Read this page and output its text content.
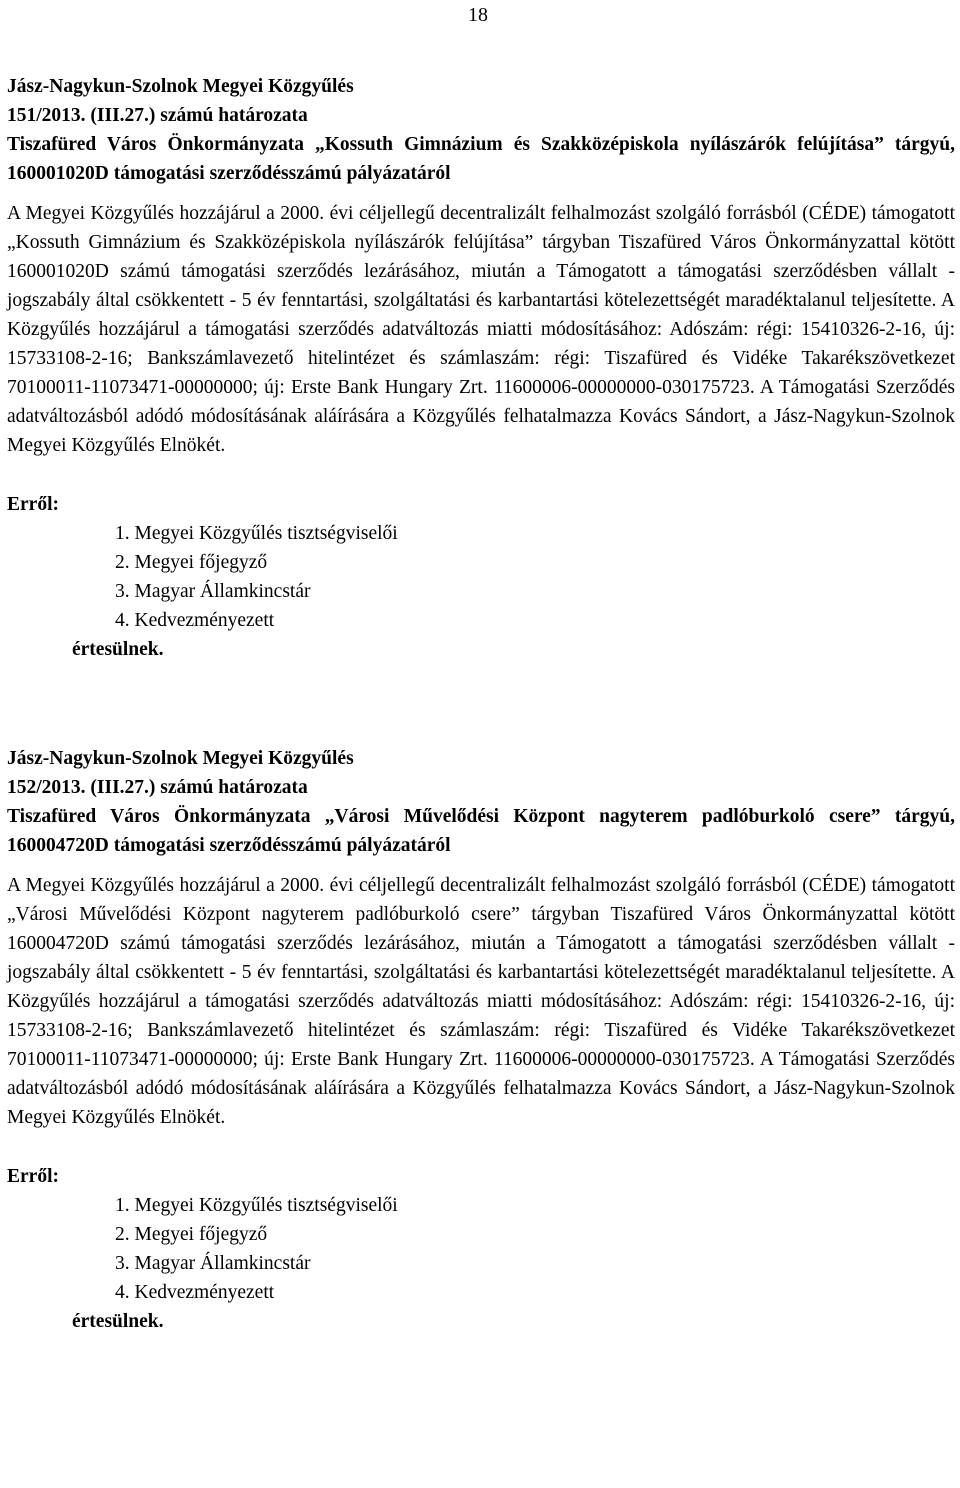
18

Jász-Nagykun-Szolnok Megyei Közgyűlés

151/2013. (III.27.) számú határozata

Tiszafüred Város Önkormányzata „Kossuth Gimnázium és Szakközépiskola nyílászárók felújítása” tárgyú, 160001020D támogatási szerződésszámú pályázatáról

A Megyei Közgyűlés hozzájárul a 2000. évi céljellegű decentralizált felhalmozást szolgáló forrásból (CÉDE) támogatott „Kossuth Gimnázium és Szakközépiskola nyílászárók felújítása” tárgyban Tiszafüred Város Önkormányzattal kötött 160001020D számú támogatási szerződés lezárásához, miután a Támogatott a támogatási szerződésben vállalt - jogszabály által csökkentett - 5 év fenntartási, szolgáltatási és karbantartási kötelezettségét maradéktalanul teljesítette. A Közgyűlés hozzájárul a támogatási szerződés adatváltozás miatti módosításához: Adószám: régi: 15410326-2-16, új: 15733108-2-16; Bankszámlavezető hitelintézet és számlaszám: régi: Tiszafüred és Vidéke Takarékszövetkezet 70100011-11073471-00000000; új: Erste Bank Hungary Zrt. 11600006-00000000-030175723. A Támogatási Szerződés adatváltozásból adódó módosításának aláírására a Közgyűlés felhatalmazza Kovács Sándort, a Jász-Nagykun-Szolnok Megyei Közgyűlés Elnökét.

Erről:

1. Megyei Közgyűlés tisztségviselői
2. Megyei főjegyző
3. Magyar Államkincstár
4. Kedvezményezett

értesülnek.

Jász-Nagykun-Szolnok Megyei Közgyűlés

152/2013. (III.27.) számú határozata

Tiszafüred Város Önkormányzata „Városi Művelődési Központ nagyterem padlóburkoló csere” tárgyú, 160004720D támogatási szerződésszámú pályázatáról

A Megyei Közgyűlés hozzájárul a 2000. évi céljellegű decentralizált felhalmozást szolgáló forrásból (CÉDE) támogatott „Városi Művelődési Központ nagyterem padlóburkoló csere” tárgyban Tiszafüred Város Önkormányzattal kötött 160004720D számú támogatási szerződés lezárásához, miután a Támogatott a támogatási szerződésben vállalt - jogszabály által csökkentett - 5 év fenntartási, szolgáltatási és karbantartási kötelezettségét maradéktalanul teljesítette. A Közgyűlés hozzájárul a támogatási szerződés adatváltozás miatti módosításához: Adószám: régi: 15410326-2-16, új: 15733108-2-16; Bankszámlavezető hitelintézet és számlaszám: régi: Tiszafüred és Vidéke Takarékszövetkezet 70100011-11073471-00000000; új: Erste Bank Hungary Zrt. 11600006-00000000-030175723. A Támogatási Szerződés adatváltozásból adódó módosításának aláírására a Közgyűlés felhatalmazza Kovács Sándort, a Jász-Nagykun-Szolnok Megyei Közgyűlés Elnökét.

Erről:

1. Megyei Közgyűlés tisztségviselői
2. Megyei főjegyző
3. Magyar Államkincstár
4. Kedvezményezett

értesülnek.
